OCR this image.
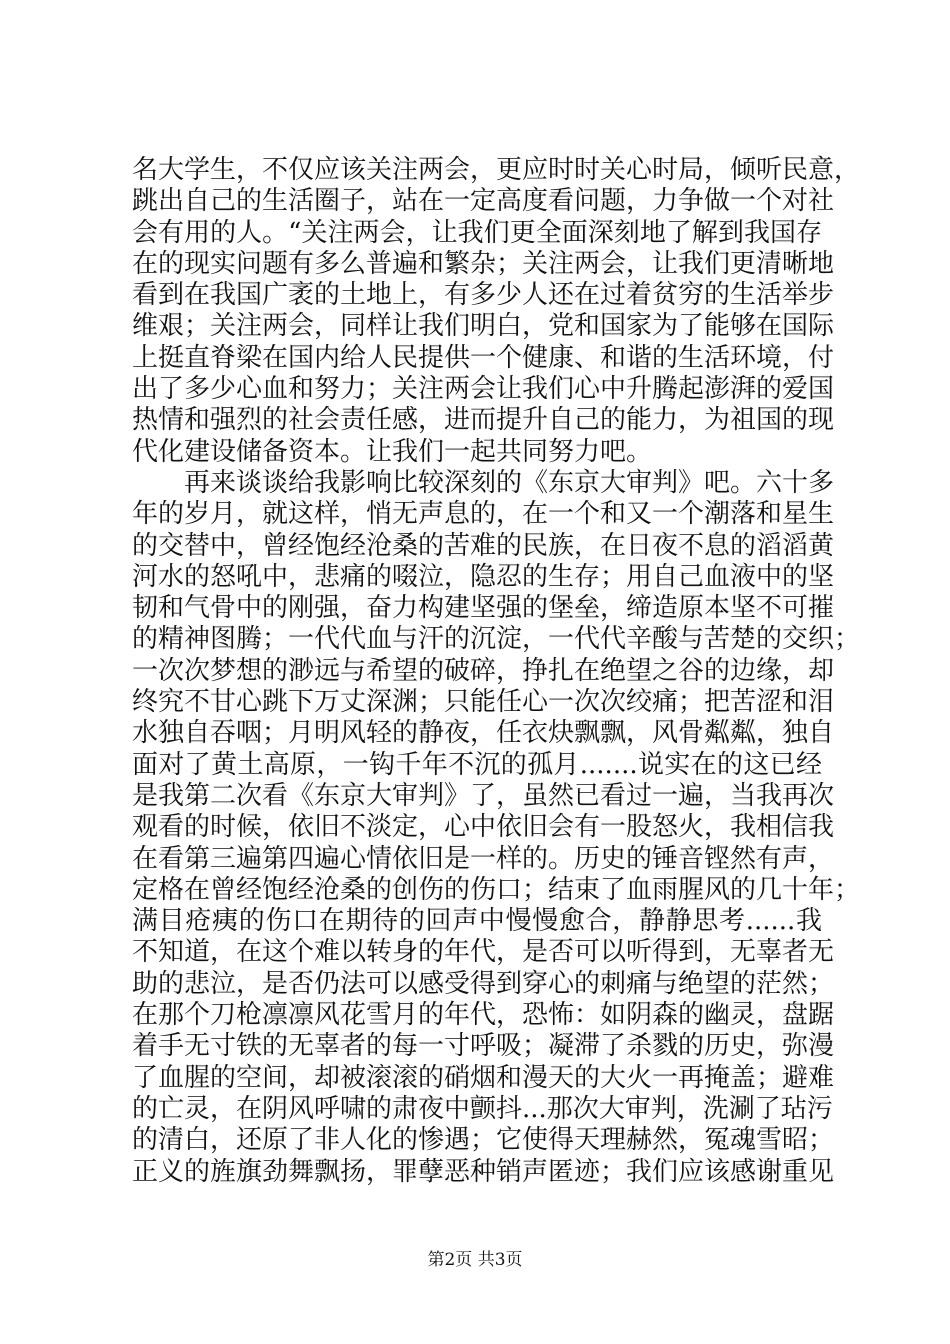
名大学生，不仅应该关注两会，更应时时关心时局，倾听民意，
跳出自己的生活圈子，站在一定高度看问题，力争做一个对社
会有用的人。“关注两会，让我们更全面深刻地了解到我国存
在的现实问题有多么普遍和繁杂；关注两会，让我们更清晰地
看到在我国广袤的土地上，有多少人还在过着贫穷的生活举步
维艰；关注两会，同样让我们明白，党和国家为了能够在国际
上挺直脊梁在国内给人民提供一个健康、和谐的生活环境，付
出了多少心血和努力；关注两会让我们心中升腾起澎湃的爱国
热情和强烈的社会责任感，进而提升自己的能力，为祖国的现
代化建设储备资本。让我们一起共同努力吧。
再来谈谈给我影响比较深刻的《东京大审判》吧。六十多
年的岁月，就这样，悄无声息的，在一个和又一个潮落和星生
的交替中，曾经饱经沧桑的苦难的民族，在日夜不息的滔滔黄
河水的怒吼中，悲痛的啜泣，隐忍的生存；用自己血液中的坚
韧和气骨中的刚强，奋力构建坚强的堡垒，缔造原本坚不可摧
的精神图腾；一代代血与汗的沉淀，一代代辛酸与苦楚的交织；
一次次梦想的渺远与希望的破碎，挣扎在绝望之谷的边缘，却
终究不甘心跳下万丈深渊；只能任心一次次绞痛；把苦涩和泪
水独自吞咽；月明风轻的静夜，任衣炔飘飘，风骨粼粼，独自
面对了黄土高原，一钩千年不沉的孤月.......说实在的这已经
是我第二次看《东京大审判》了，虽然已看过一遍，当我再次
观看的时候，依旧不淡定，心中依旧会有一股怒火，我相信我
在看第三遍第四遍心情依旧是一样的。历史的锤音铿然有声，
定格在曾经饱经沧桑的创伤的伤口；结束了血雨腥风的几十年；
满目疮痍的伤口在期待的回声中慢慢愈合，静静思考......我
不知道，在这个难以转身的年代，是否可以听得到，无辜者无
助的悲泣，是否仍法可以感受得到穿心的刺痛与绝望的茫然；
在那个刀枪凛凛风花雪月的年代，恐怖：如阴森的幽灵，盘踞
着手无寸铁的无辜者的每一寸呼吸；凝滞了杀戮的历史，弥漫
了血腥的空间，却被滚滚的硝烟和漫天的大火一再掩盖；避难
的亡灵，在阴风呼啸的肃夜中颤抖...那次大审判，洗涮了玷污
的清白，还原了非人化的惨遇；它使得天理赫然，冤魂雪昭；
正义的旌旗劲舞飘扬，罪孽恶种销声匿迹；我们应该感谢重见
第2页 共3页
